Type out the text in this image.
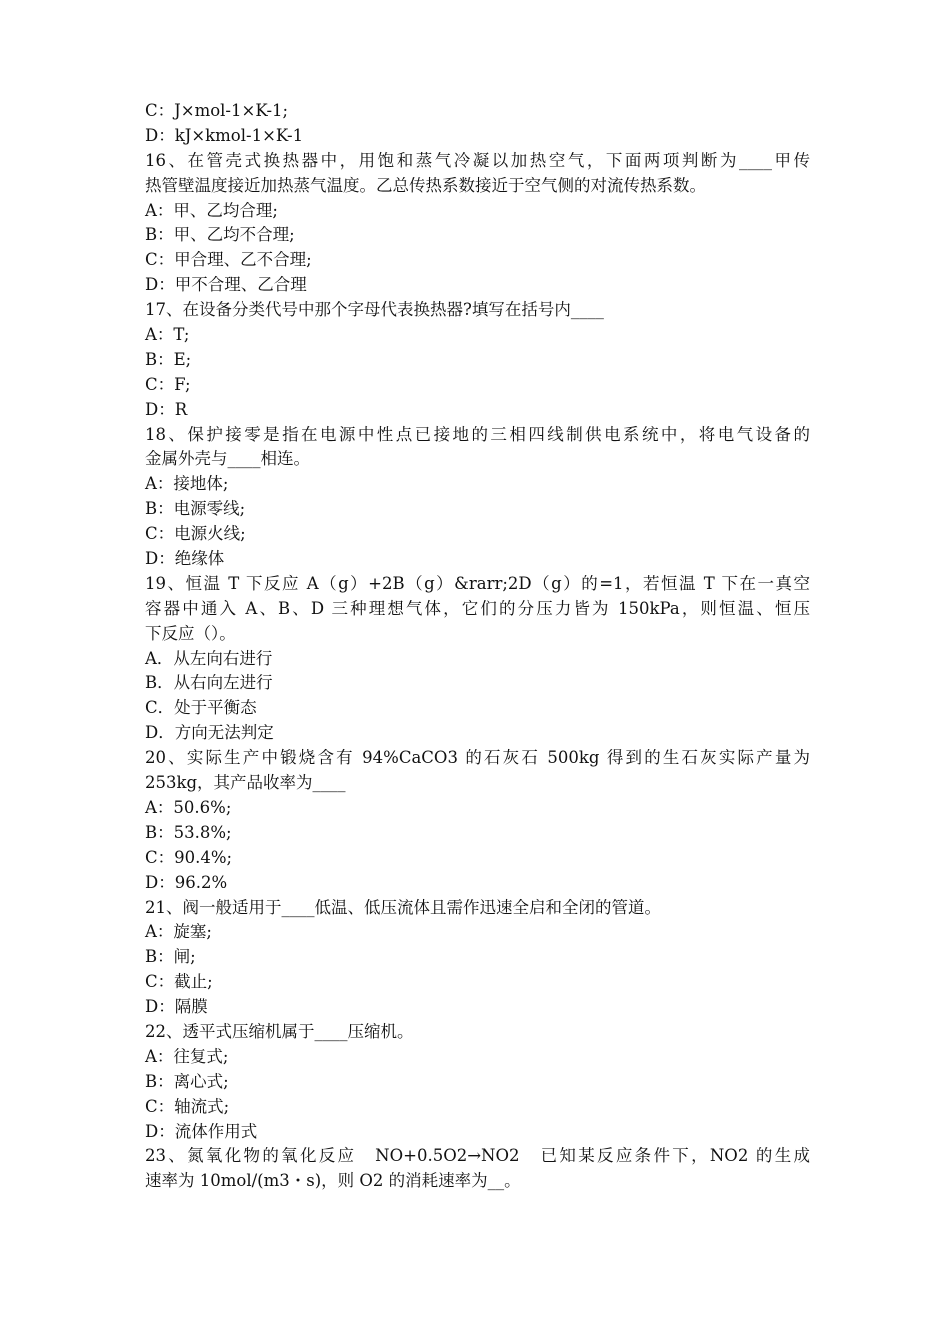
C：J×mol-1×K-1;
D：kJ×kmol-1×K-1
16、在管壳式换热器中，用饱和蒸气冷凝以加热空气，下面两项判断为____甲传
热管壁温度接近加热蒸气温度。乙总传热系数接近于空气侧的对流传热系数。
A：甲、乙均合理;
B：甲、乙均不合理;
C：甲合理、乙不合理;
D：甲不合理、乙合理
17、在设备分类代号中那个字母代表换热器?填写在括号内____
A：T;
B：E;
C：F;
D：R
18、保护接零是指在电源中性点已接地的三相四线制供电系统中，将电气设备的
金属外壳与____相连。
A：接地体;
B：电源零线;
C：电源火线;
D：绝缘体
19、恒温 T 下反应 A（g）+2B（g）&rarr;2D（g）的=1，若恒温 T 下在一真空
容器中通入 A、B、D 三种理想气体，它们的分压力皆为 150kPa，则恒温、恒压
下反应（）。
A．从左向右进行
B．从右向左进行
C．处于平衡态
D．方向无法判定
20、实际生产中锻烧含有 94%CaCO3 的石灰石 500kg 得到的生石灰实际产量为
253kg，其产品收率为____
A：50.6%;
B：53.8%;
C：90.4%;
D：96.2%
21、阀一般适用于____低温、低压流体且需作迅速全启和全闭的管道。
A：旋塞;
B：闸;
C：截止;
D：隔膜
22、透平式压缩机属于____压缩机。
A：往复式;
B：离心式;
C：轴流式;
D：流体作用式
23、氮氧化物的氧化反应　NO+0.5O2→NO2　已知某反应条件下，NO2 的生成
速率为 10mol/(m3・s)，则 O2 的消耗速率为__。
